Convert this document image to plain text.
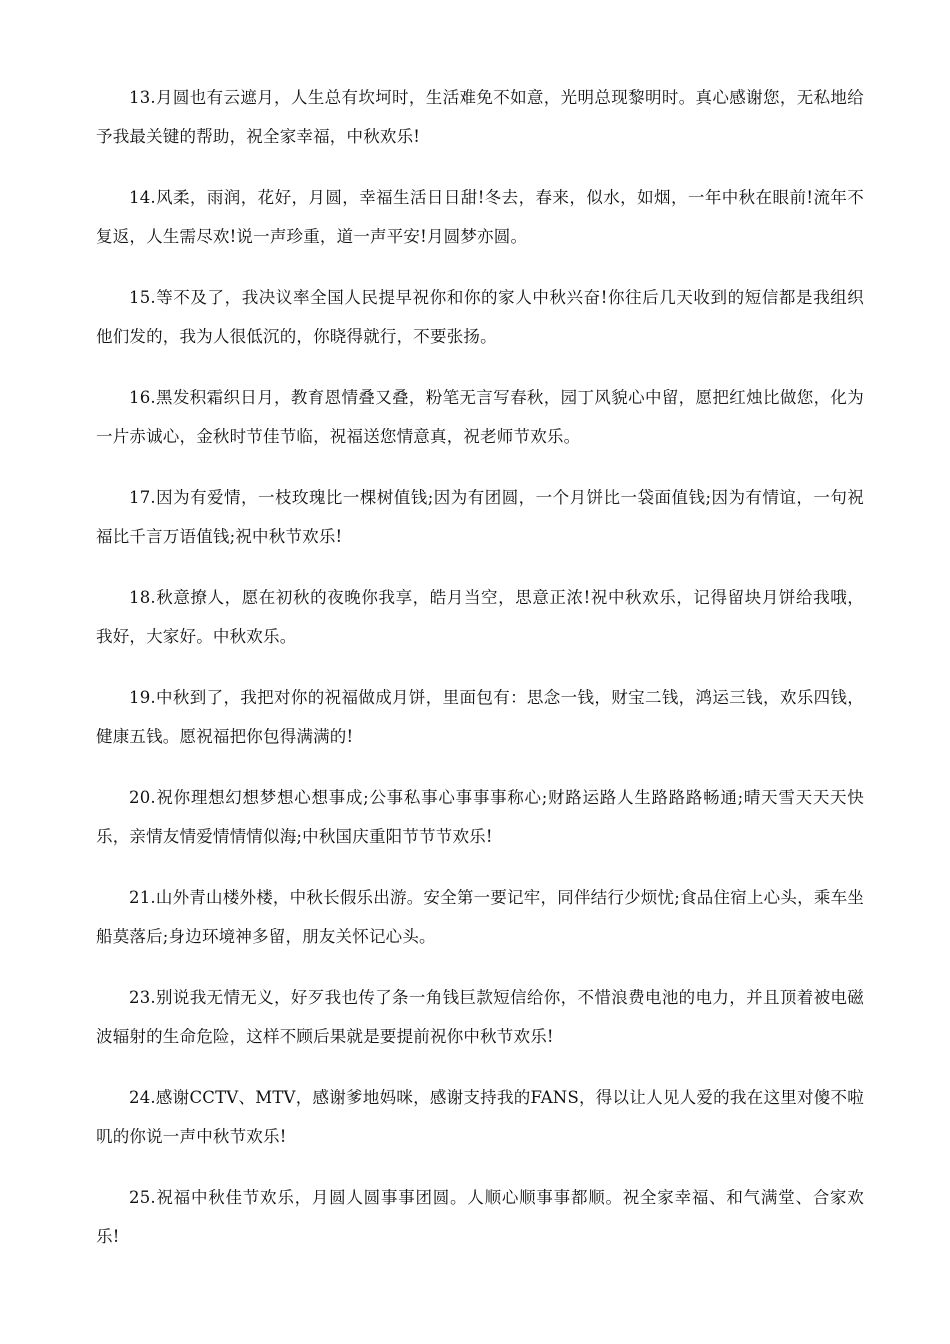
13.月圆也有云遮月，人生总有坎坷时，生活难免不如意，光明总现黎明时。真心感谢您，无私地给予我最关键的帮助，祝全家幸福，中秋欢乐!

14.风柔，雨润，花好，月圆，幸福生活日日甜!冬去，春来，似水，如烟，一年中秋在眼前!流年不复返，人生需尽欢!说一声珍重，道一声平安!月圆梦亦圆。

15.等不及了，我决议率全国人民提早祝你和你的家人中秋兴奋!你往后几天收到的短信都是我组织他们发的，我为人很低沉的，你晓得就行，不要张扬。

16.黑发积霜织日月，教育恩情叠又叠，粉笔无言写春秋，园丁风貌心中留，愿把红烛比做您，化为一片赤诚心，金秋时节佳节临，祝福送您情意真，祝老师节欢乐。

17.因为有爱情，一枝玫瑰比一棵树值钱;因为有团圆，一个月饼比一袋面值钱;因为有情谊，一句祝福比千言万语值钱;祝中秋节欢乐!

18.秋意撩人，愿在初秋的夜晚你我享，皓月当空，思意正浓!祝中秋欢乐，记得留块月饼给我哦，我好，大家好。中秋欢乐。

19.中秋到了，我把对你的祝福做成月饼，里面包有：思念一钱，财宝二钱，鸿运三钱，欢乐四钱，健康五钱。愿祝福把你包得满满的!

20.祝你理想幻想梦想心想事成;公事私事心事事事称心;财路运路人生路路路畅通;晴天雪天天天快乐，亲情友情爱情情情似海;中秋国庆重阳节节节欢乐!

21.山外青山楼外楼，中秋长假乐出游。安全第一要记牢，同伴结行少烦忧;食品住宿上心头，乘车坐船莫落后;身边环境神多留，朋友关怀记心头。

23.别说我无情无义，好歹我也传了条一角钱巨款短信给你，不惜浪费电池的电力，并且顶着被电磁波辐射的生命危险，这样不顾后果就是要提前祝你中秋节欢乐!

24.感谢CCTV、MTV，感谢爹地妈咪，感谢支持我的FANS，得以让人见人爱的我在这里对傻不啦叽的你说一声中秋节欢乐!

25.祝福中秋佳节欢乐，月圆人圆事事团圆。人顺心顺事事都顺。祝全家幸福、和气满堂、合家欢乐!
